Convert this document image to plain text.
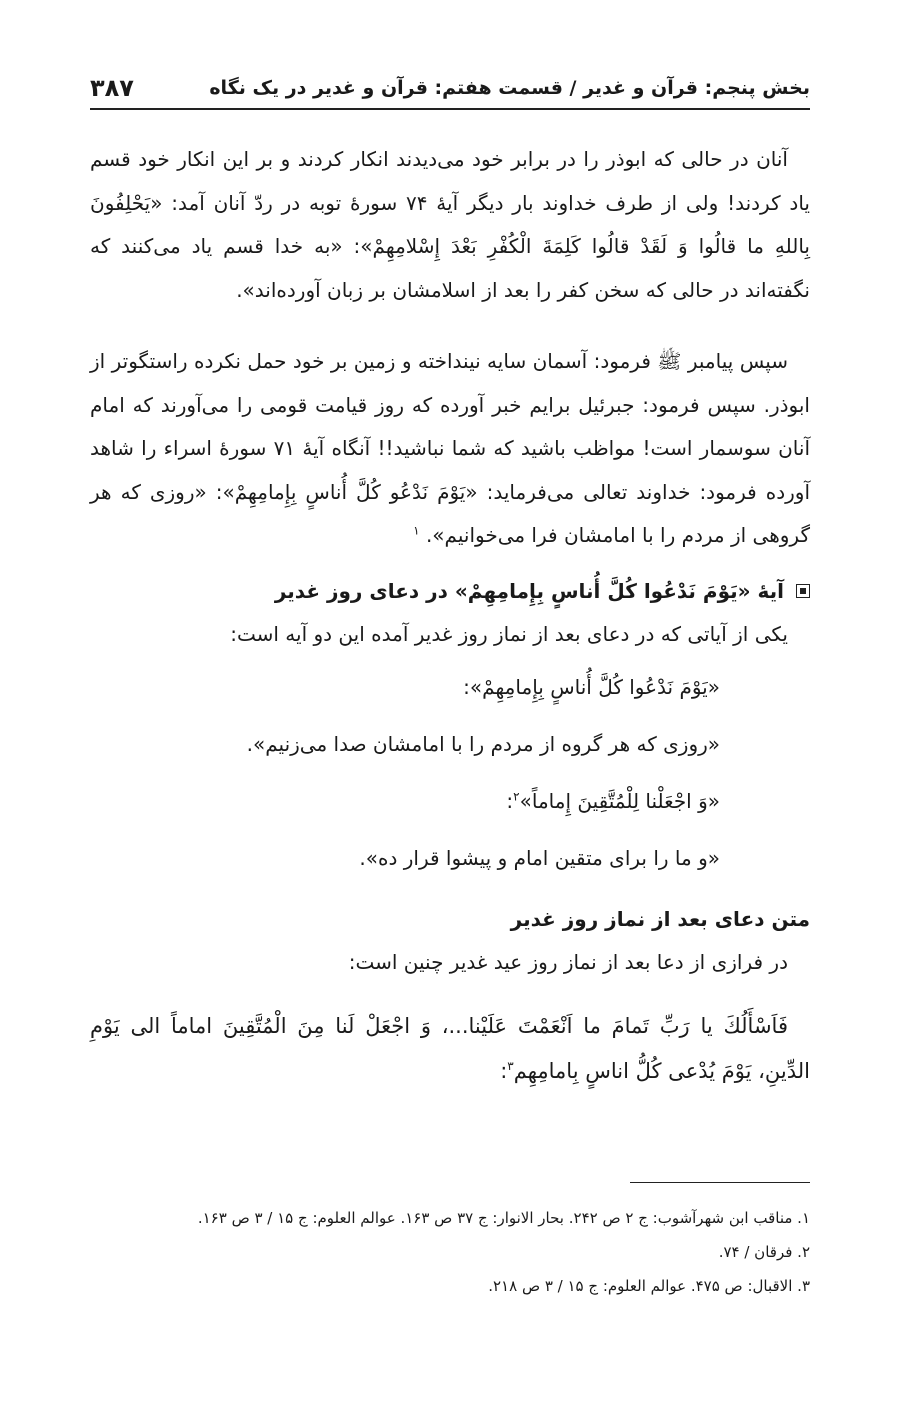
بخش پنجم: قرآن و غدیر / قسمت هفتم: قرآن و غدیر در یک نگاه
۳۸۷

آنان در حالی که ابوذر را در برابر خود می‌دیدند انکار کردند و بر این انکار خود قسم یاد کردند! ولی از طرف خداوند بار دیگر آیهٔ ۷۴ سورهٔ توبه در ردّ آنان آمد: «يَحْلِفُونَ بِاللهِ ما قالُوا وَ لَقَدْ قالُوا كَلِمَةَ الْكُفْرِ بَعْدَ إِسْلامِهِمْ»: «به خدا قسم یاد می‌کنند که نگفته‌اند در حالی که سخن کفر را بعد از اسلامشان بر زبان آورده‌اند».

سپس پیامبر ﷺ فرمود: آسمان سایه نینداخته و زمین بر خود حمل نکرده راستگوتر از ابوذر. سپس فرمود: جبرئیل برایم خبر آورده که روز قیامت قومی را می‌آورند که امام آنان سوسمار است! مواظب باشید که شما نباشید!! آنگاه آیهٔ ۷۱ سورهٔ اسراء را شاهد آورده فرمود: خداوند تعالی می‌فرماید: «يَوْمَ نَدْعُو كُلَّ أُناسٍ بِإِمامِهِمْ»: «روزی که هر گروهی از مردم را با امامشان فرا می‌خوانیم». $^۱$

آیهٔ «يَوْمَ نَدْعُوا كُلَّ أُناسٍ بِإِمامِهِمْ» در دعای روز غدیر
یکی از آیاتی که در دعای بعد از نماز روز غدیر آمده این دو آیه است:
«يَوْمَ نَدْعُوا كُلَّ أُناسٍ بِإِمامِهِمْ»:
«روزی که هر گروه از مردم را با امامشان صدا می‌زنیم».
«وَ اجْعَلْنا لِلْمُتَّقِينَ إِماماً»$^۲$:
«و ما را برای متقین امام و پیشوا قرار ده».
متن دعای بعد از نماز روز غدیر
در فرازی از دعا بعد از نماز روز عید غدیر چنین است:

فَاَسْأَلُكَ يا رَبِّ تَمامَ ما اَنْعَمْتَ عَلَيْنا...، وَ اجْعَلْ لَنا مِنَ الْمُتَّقِينَ اماماً الى يَوْمِ الدِّينِ، يَوْمَ يُدْعى كُلُّ اناسٍ بِامامِهِم$^۳$:

۱. مناقب ابن شهرآشوب: ج ۲ ص ۲۴۲. بحار الانوار: ج ۳۷ ص ۱۶۳. عوالم العلوم: ج ۱۵ / ۳ ص ۱۶۳.
۲. فرقان / ۷۴.
۳. الاقبال: ص ۴۷۵. عوالم العلوم: ج ۱۵ / ۳ ص ۲۱۸.
